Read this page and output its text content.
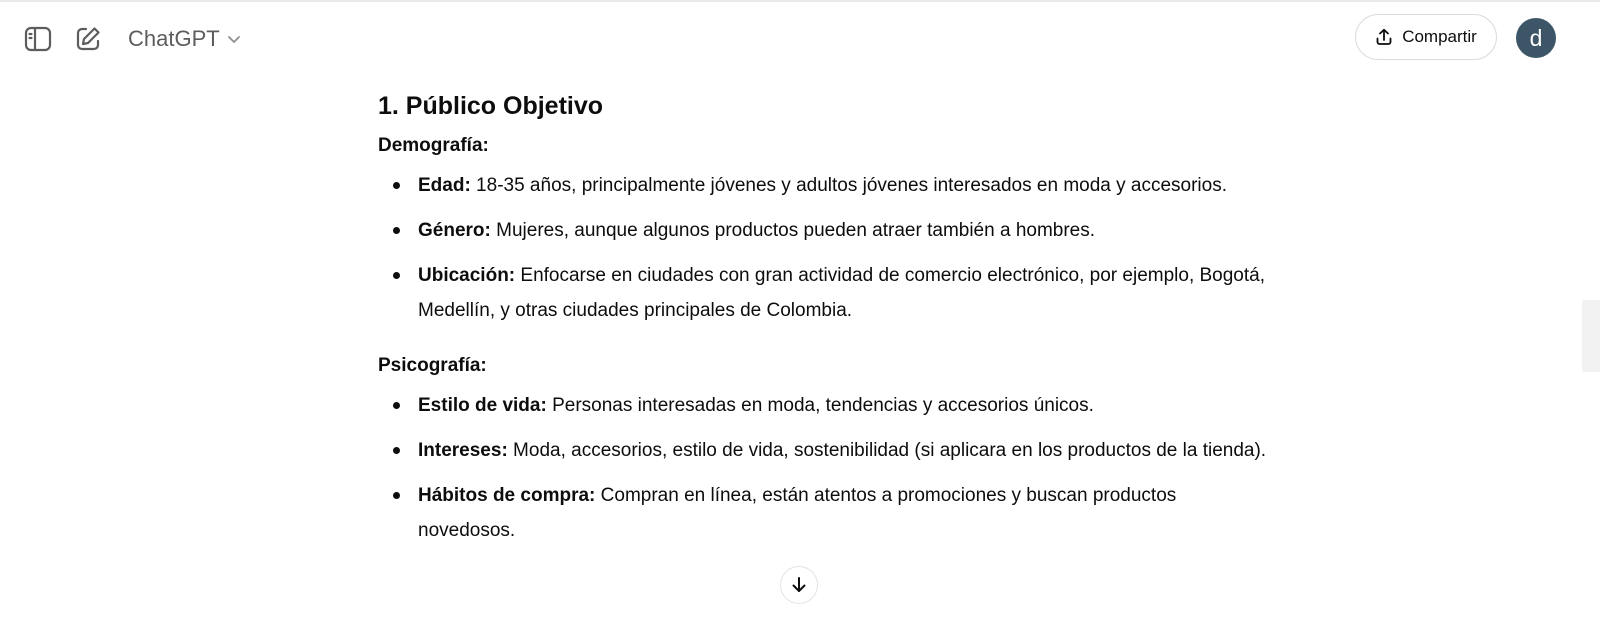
ChatGPT	Compartir	d
1. Público Objetivo

Demografía:

Edad: 18-35 años, principalmente jóvenes y adultos jóvenes interesados en moda y accesorios.
Género: Mujeres, aunque algunos productos pueden atraer también a hombres.
Ubicación: Enfocarse en ciudades con gran actividad de comercio electrónico, por ejemplo, Bogotá, Medellín, y otras ciudades principales de Colombia.

Psicografía:

Estilo de vida: Personas interesadas en moda, tendencias y accesorios únicos.
Intereses: Moda, accesorios, estilo de vida, sostenibilidad (si aplicara en los productos de la tienda).
Hábitos de compra: Compran en línea, están atentos a promociones y buscan productos novedosos.
